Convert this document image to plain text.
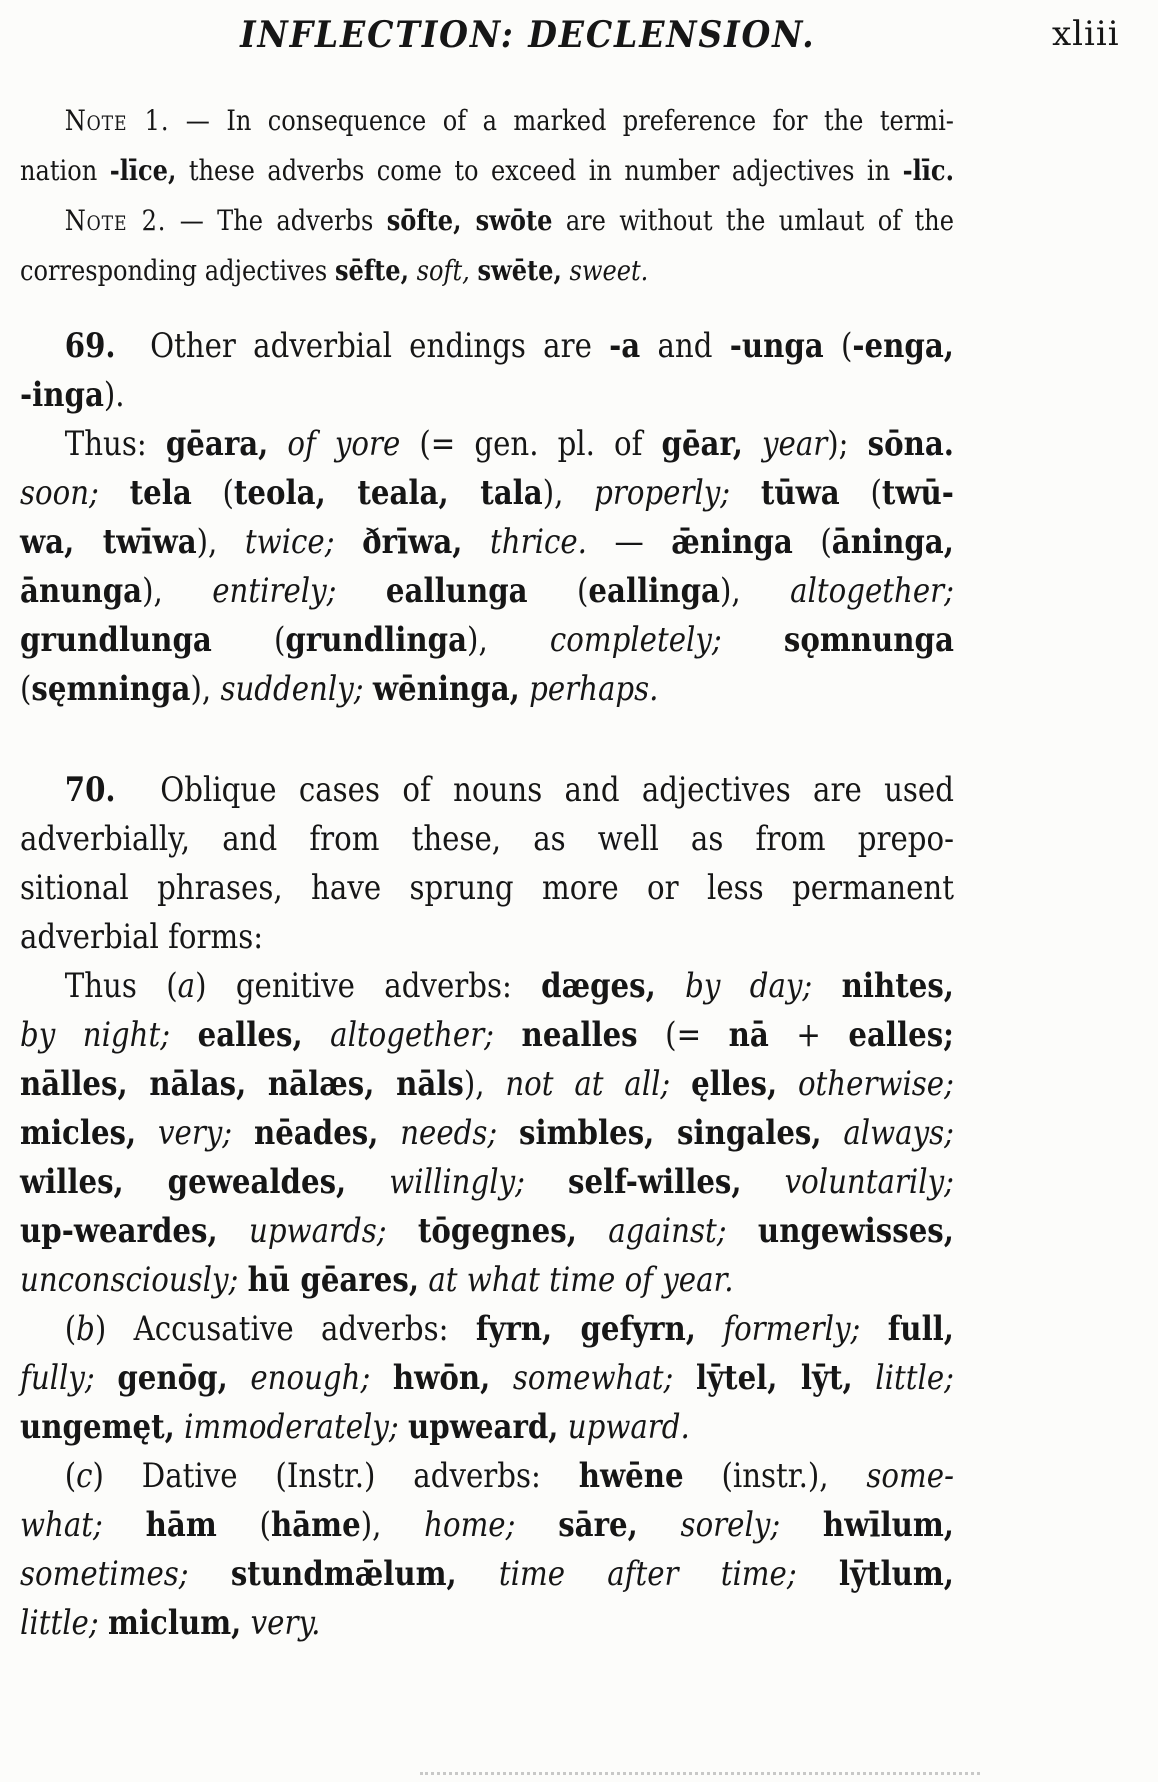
INFLECTION: DECLENSION.	xliii
Note 1. — In consequence of a marked preference for the termi-
nation -līce, these adverbs come to exceed in number adjectives in -līc.
Note 2. — The adverbs sōfte, swōte are without the umlaut of the
corresponding adjectives sēfte, soft, swēte, sweet.
69.  Other adverbial endings are -a and -unga (-enga,
-inga).
Thus: gēara, of yore (= gen. pl. of gēar, year); sōna.
soon; tela (teola, teala, tala), properly; tūwa (twū-
wa, twīwa), twice; ðrīwa, thrice. — ǣninga (āninga,
ānunga), entirely; eallunga (eallinga), altogether;
grundlunga (grundlinga), completely; sǫmnunga
(sęmninga), suddenly; wēninga, perhaps.
70.  Oblique cases of nouns and adjectives are used
adverbially, and from these, as well as from prepo-
sitional phrases, have sprung more or less permanent
adverbial forms:
Thus (a) genitive adverbs: dæges, by day; nihtes,
by night; ealles, altogether; nealles (= nā + ealles;
nālles, nālas, nālæs, nāls), not at all; ęlles, otherwise;
micles, very; nēades, needs; simbles, singales, always;
willes, gewealdes, willingly; self-willes, voluntarily;
up-weardes, upwards; tōgegnes, against; ungewisses,
unconsciously; hū gēares, at what time of year.
(b) Accusative adverbs: fyrn, gefyrn, formerly; full,
fully; genōg, enough; hwōn, somewhat; lȳtel, lȳt, little;
ungemęt, immoderately; upweard, upward.
(c) Dative (Instr.) adverbs: hwēne (instr.), some-
what; hām (hāme), home; sāre, sorely; hwīlum,
sometimes; stundmǣlum, time after time; lȳtlum,
little; miclum, very.
